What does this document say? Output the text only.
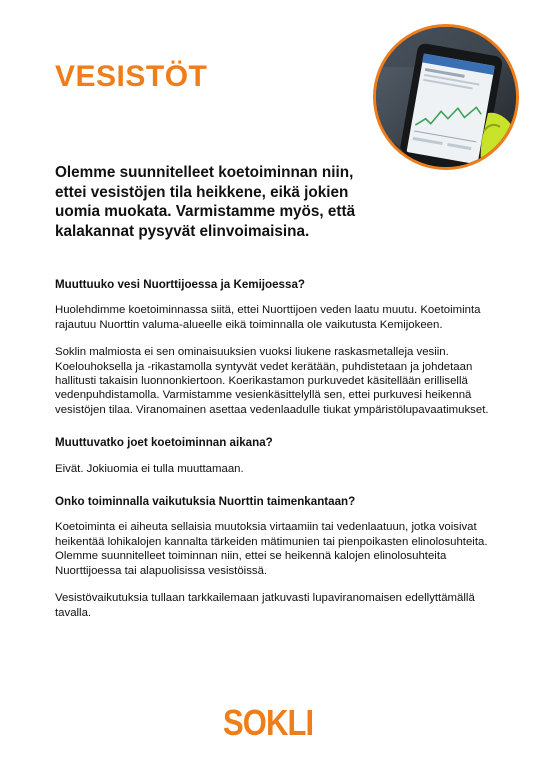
VESISTÖT
Olemme suunnitelleet koetoiminnan niin, ettei vesistöjen tila heikkene, eikä jokien uomia muokata. Varmistamme myös, että kalakannat pysyvät elinvoimaisina.
Muuttuuko vesi Nuorttijoessa ja Kemijoessa?

Huolehdimme koetoiminnassa siitä, ettei Nuorttijoen veden laatu muutu. Koetoiminta rajautuu Nuorttin valuma-alueelle eikä toiminnalla ole vaikutusta Kemijokeen.

Soklin malmiosta ei sen ominaisuuksien vuoksi liukene raskasmetalleja vesiin. Koelouhoksella ja -rikastamolla syntyvät vedet kerätään, puhdistetaan ja johdetaan hallitusti takaisin luonnonkiertoon. Koerikastamon purkuvedet käsitellään erillisellä vedenpuhdistamolla. Varmistamme vesienkäsittelyllä sen, ettei purkuvesi heikennä vesistöjen tilaa. Viranomainen asettaa vedenlaadulle tiukat ympäristölupavaatimukset.

Muuttuvatko joet koetoiminnan aikana?

Eivät. Jokiuomia ei tulla muuttamaan.

Onko toiminnalla vaikutuksia Nuorttin taimenkantaan?

Koetoiminta ei aiheuta sellaisia muutoksia virtaamiin tai vedenlaatuun, jotka voisivat heikentää lohikalojen kannalta tärkeiden mätimunien tai pienpoikasten elinolosuhteita. Olemme suunnitelleet toiminnan niin, ettei se heikennä kalojen elinolosuhteita Nuorttijoessa tai alapuolisissa vesistöissä.

Vesistövaikutuksia tullaan tarkkailemaan jatkuvasti lupaviranomaisen edellyttämällä tavalla.

SOKLI
